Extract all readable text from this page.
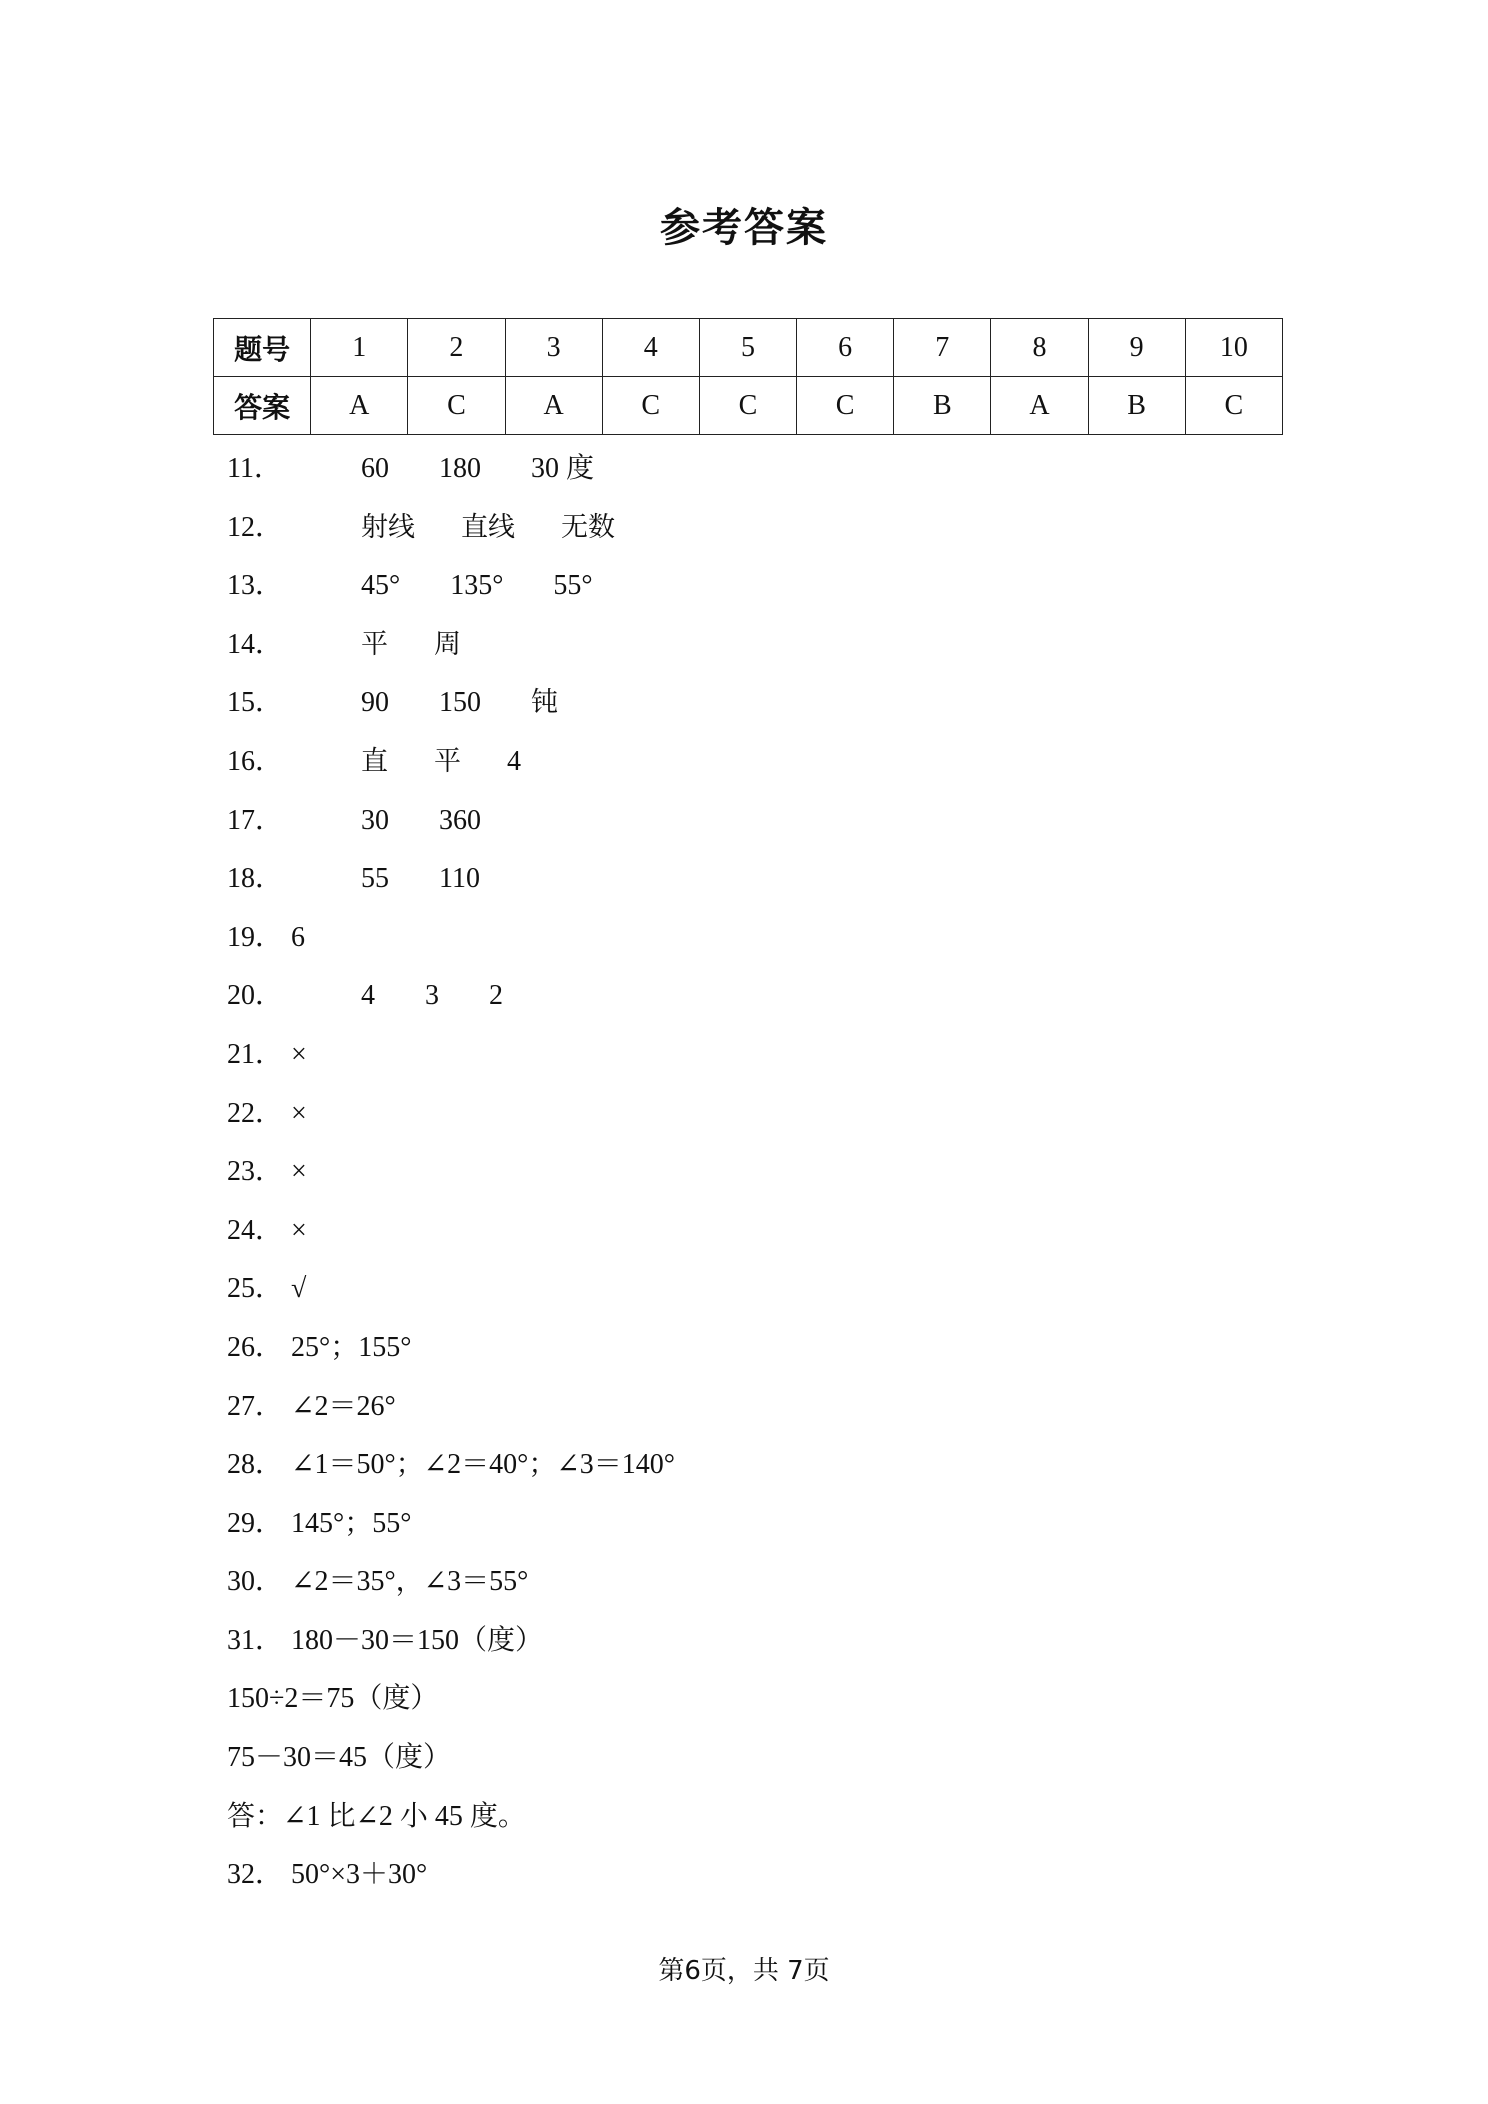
参考答案
题号	1	2	3	4	5	6	7	8	9	10
答案	A	C	A	C	C	C	B	A	B	C
11．	60 180 30 度
12．	射线 直线 无数
13．	45° 135° 55°
14．	平 周
15．	90 150 钝
16．	直 平 4
17．	30 360
18．	55 110
19． 6
20．	4 3 2
21． ×
22． ×
23． ×
24． ×
25． √
26． 25°；155°
27． ∠2＝26°
28． ∠1＝50°；∠2＝40°；∠3＝140°
29． 145°；55°
30． ∠2＝35°，∠3＝55°
31． 180－30＝150（度）
150÷2＝75（度）
75－30＝45（度）
答：∠1 比∠2 小 45 度。
32． 50°×3＋30°
第6页，共 7页
